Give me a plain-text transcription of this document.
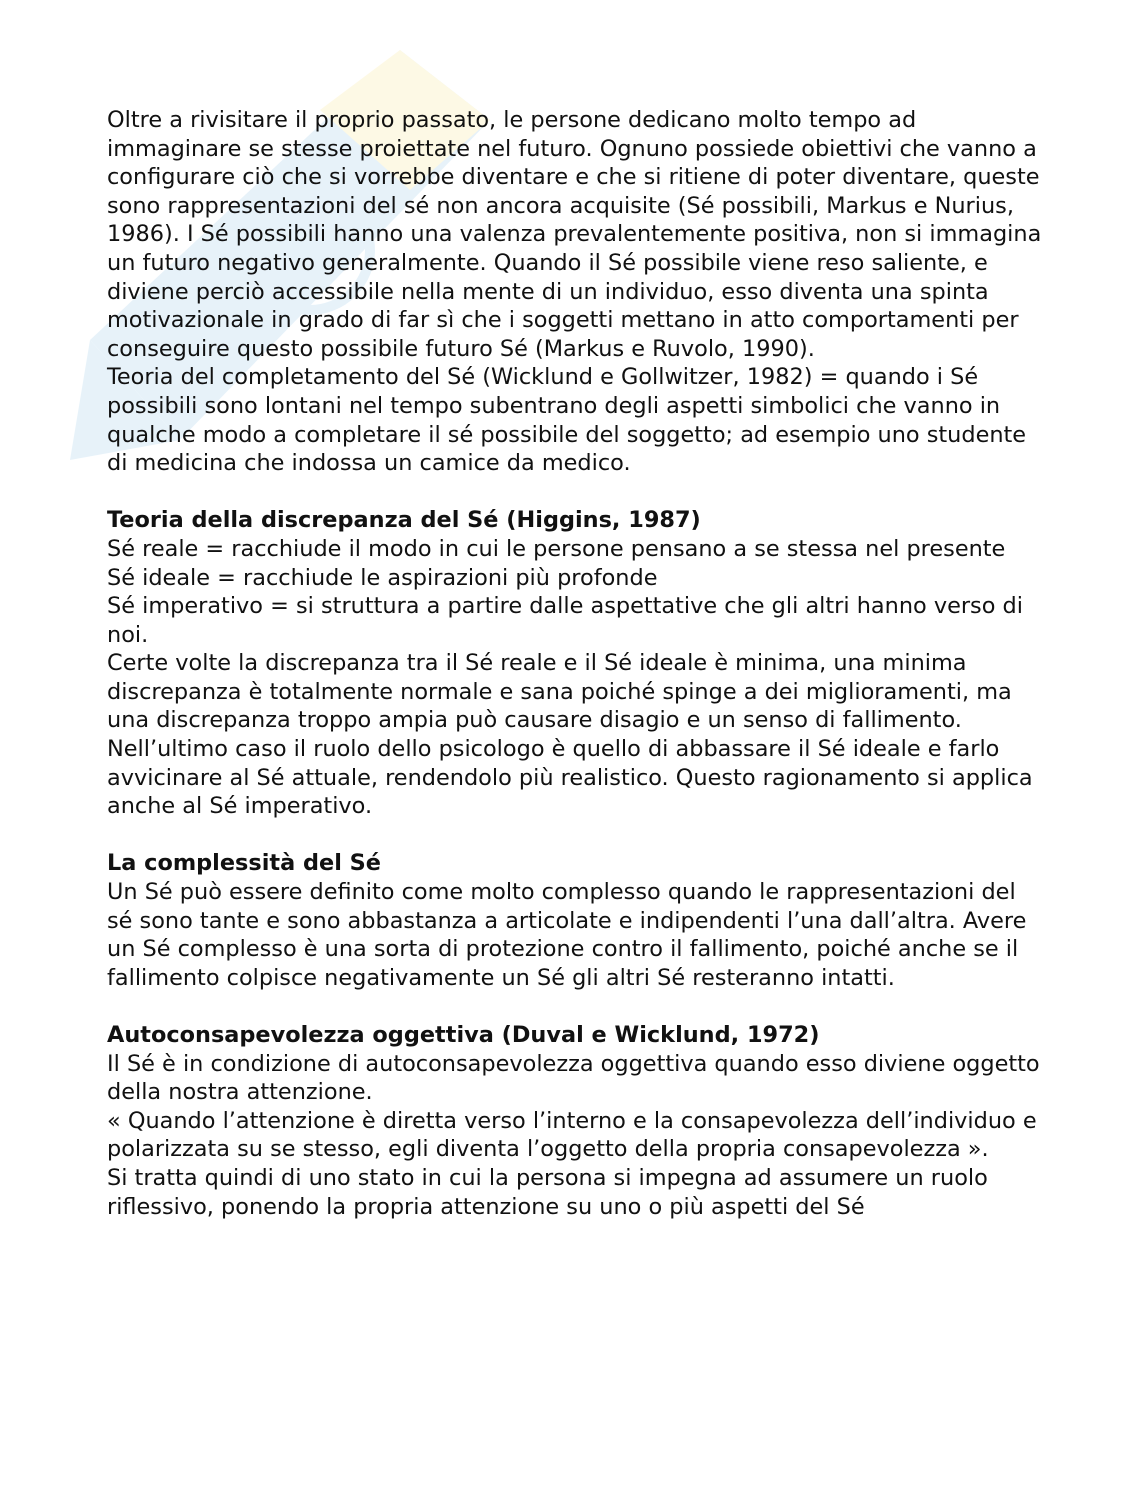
Oltre a rivisitare il proprio passato, le persone dedicano molto tempo ad immaginare se stesse proiettate nel futuro. Ognuno possiede obiettivi che vanno a configurare ciò che si vorrebbe diventare e che si ritiene di poter diventare, queste sono rappresentazioni del sé non ancora acquisite (Sé possibili, Markus e Nurius, 1986). I Sé possibili hanno una valenza prevalentemente positiva, non si immagina un futuro negativo generalmente. Quando il Sé possibile viene reso saliente, e diviene perciò accessibile nella mente di un individuo, esso diventa una spinta motivazionale in grado di far sì che i soggetti mettano in atto comportamenti per conseguire questo possibile futuro Sé (Markus e Ruvolo, 1990).

Teoria del completamento del Sé (Wicklund e Gollwitzer, 1982) = quando i Sé possibili sono lontani nel tempo subentrano degli aspetti simbolici che vanno in qualche modo a completare il sé possibile del soggetto; ad esempio uno studente di medicina che indossa un camice da medico.

Teoria della discrepanza del Sé (Higgins, 1987)

Sé reale = racchiude il modo in cui le persone pensano a se stessa nel presente

Sé ideale = racchiude le aspirazioni più profonde

Sé imperativo = si struttura a partire dalle aspettative che gli altri hanno verso di noi.

Certe volte la discrepanza tra il Sé reale e il Sé ideale è minima, una minima discrepanza è totalmente normale e sana poiché spinge a dei miglioramenti, ma una discrepanza troppo ampia può causare disagio e un senso di fallimento. Nell’ultimo caso il ruolo dello psicologo è quello di abbassare il Sé ideale e farlo avvicinare al Sé attuale, rendendolo più realistico. Questo ragionamento si applica anche al Sé imperativo.

La complessità del Sé

Un Sé può essere definito come molto complesso quando le rappresentazioni del sé sono tante e sono abbastanza a articolate e indipendenti l’una dall’altra. Avere un Sé complesso è una sorta di protezione contro il fallimento, poiché anche se il fallimento colpisce negativamente un Sé gli altri Sé resteranno intatti.

Autoconsapevolezza oggettiva (Duval e Wicklund, 1972)

Il Sé è in condizione di autoconsapevolezza oggettiva quando esso diviene oggetto della nostra attenzione.

« Quando l’attenzione è diretta verso l’interno e la consapevolezza dell’individuo e polarizzata su se stesso, egli diventa l’oggetto della propria consapevolezza ».

Si tratta quindi di uno stato in cui la persona si impegna ad assumere un ruolo riflessivo, ponendo la propria attenzione su uno o più aspetti del Sé
